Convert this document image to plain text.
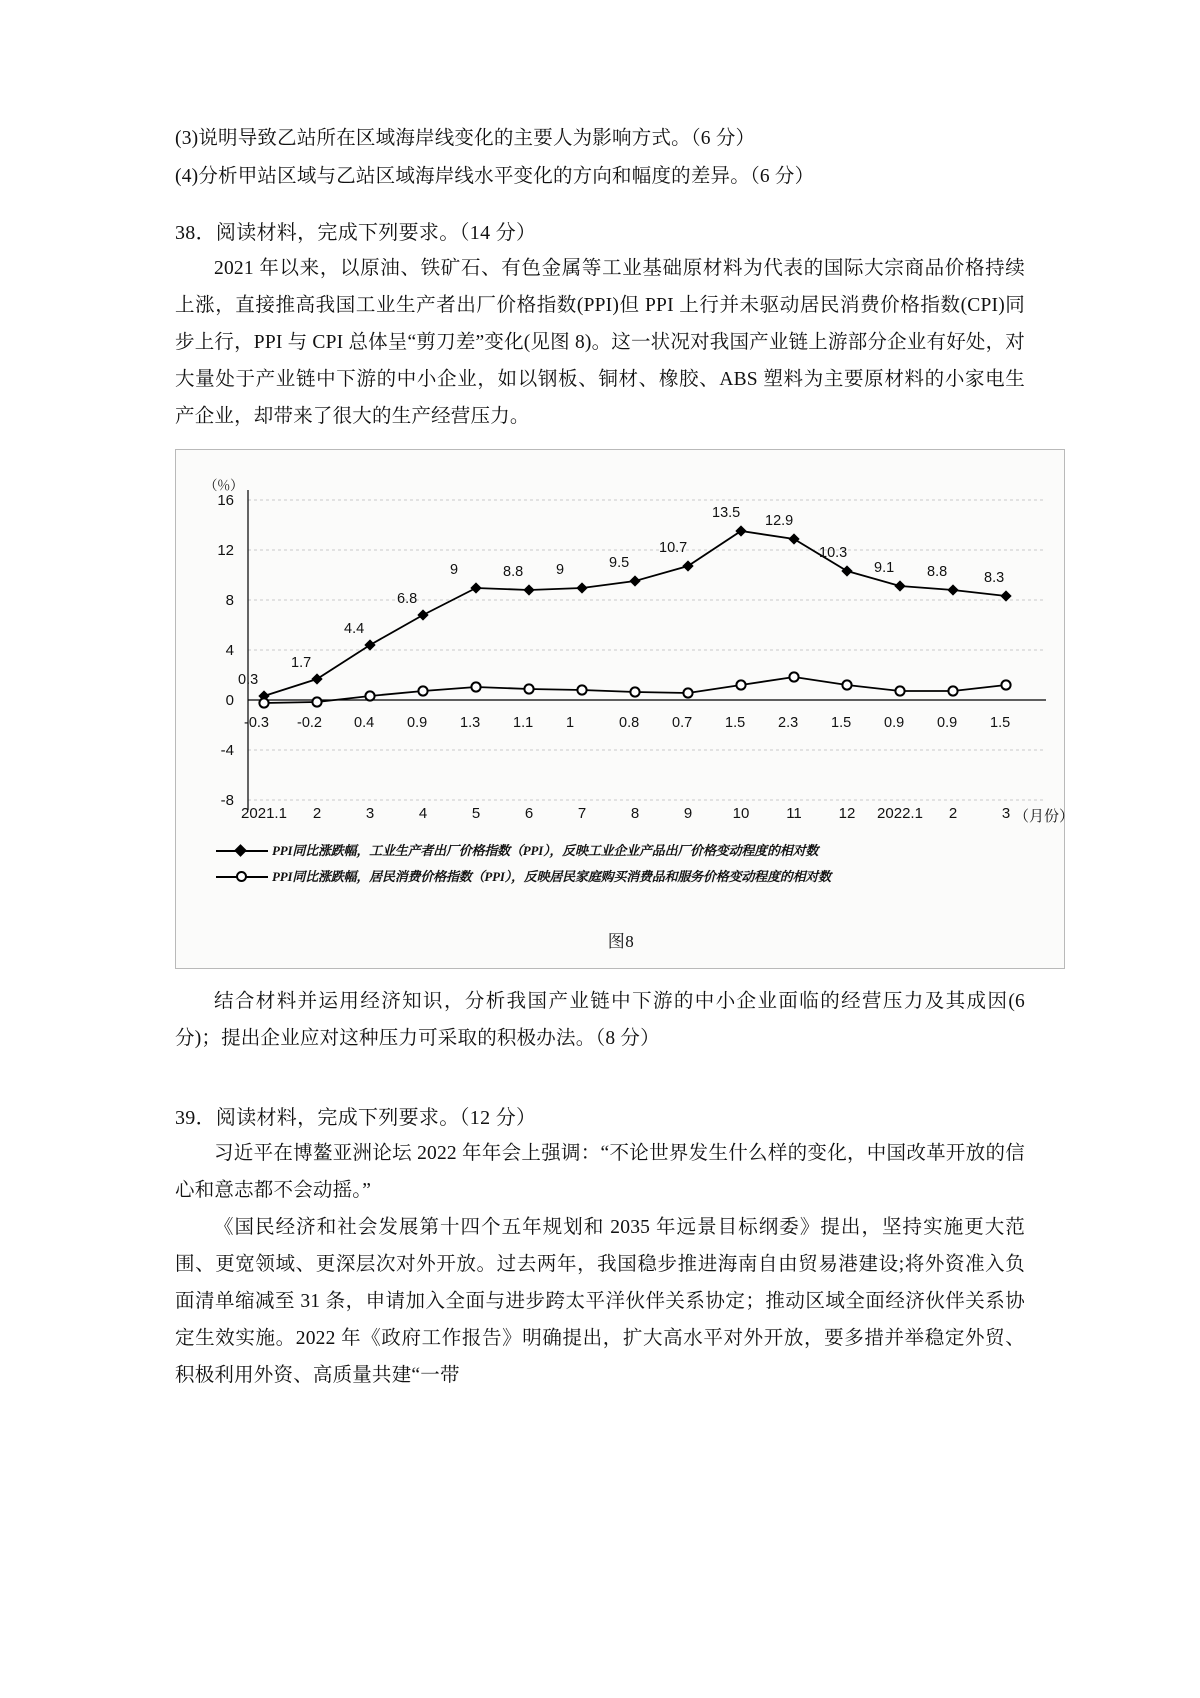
(3)说明导致乙站所在区域海岸线变化的主要人为影响方式。（6 分）
(4)分析甲站区域与乙站区域海岸线水平变化的方向和幅度的差异。（6 分）
38．阅读材料，完成下列要求。（14 分）
2021 年以来，以原油、铁矿石、有色金属等工业基础原材料为代表的国际大宗商品价格持续上涨，直接推高我国工业生产者出厂价格指数(PPI)但 PPI 上行并未驱动居民消费价格指数(CPI)同步上行，PPI 与 CPI 总体呈“剪刀差”变化(见图 8)。这一状况对我国产业链上游部分企业有好处，对大量处于产业链中下游的中小企业，如以钢板、铜材、橡胶、ABS 塑料为主要原材料的小家电生产企业，却带来了很大的生产经营压力。
（％）
16
12
8
4
0
-4
-8
0.3
1.7
4.4
6.8
9	8.8 9	9.5
10.7
13.5 12.9
10.3
9.1 8.8	8.3
-0.3 -0.2 0.4 0.9 1.3 1.1 1	0.8 0.7 1.5 2.3 1.5 0.9 0.9 1.5
2021.1	2	3	4	5	6	7	8	9	10	11	12	2022.1	2	3 （月份）
PPI同比涨跌幅，工业生产者出厂价格指数（PPI），反映工业企业产品出厂价格变动程度的相对数
PPI同比涨跌幅，居民消费价格指数（PPI），反映居民家庭购买消费品和服务价格变动程度的相对数
图8
结合材料并运用经济知识，分析我国产业链中下游的中小企业面临的经营压力及其成因(6 分)；提出企业应对这种压力可采取的积极办法。（8 分）
39．阅读材料，完成下列要求。（12 分）
习近平在博鳌亚洲论坛 2022 年年会上强调：“不论世界发生什么样的变化，中国改革开放的信心和意志都不会动摇。”
《国民经济和社会发展第十四个五年规划和 2035 年远景目标纲委》提出，坚持实施更大范围、更宽领域、更深层次对外开放。过去两年，我国稳步推进海南自由贸易港建设;将外资准入负面清单缩减至 31 条，申请加入全面与进步跨太平洋伙伴关系协定；推动区域全面经济伙伴关系协定生效实施。2022 年《政府工作报告》明确提出，扩大高水平对外开放，要多措并举稳定外贸、积极利用外资、高质量共建“一带
